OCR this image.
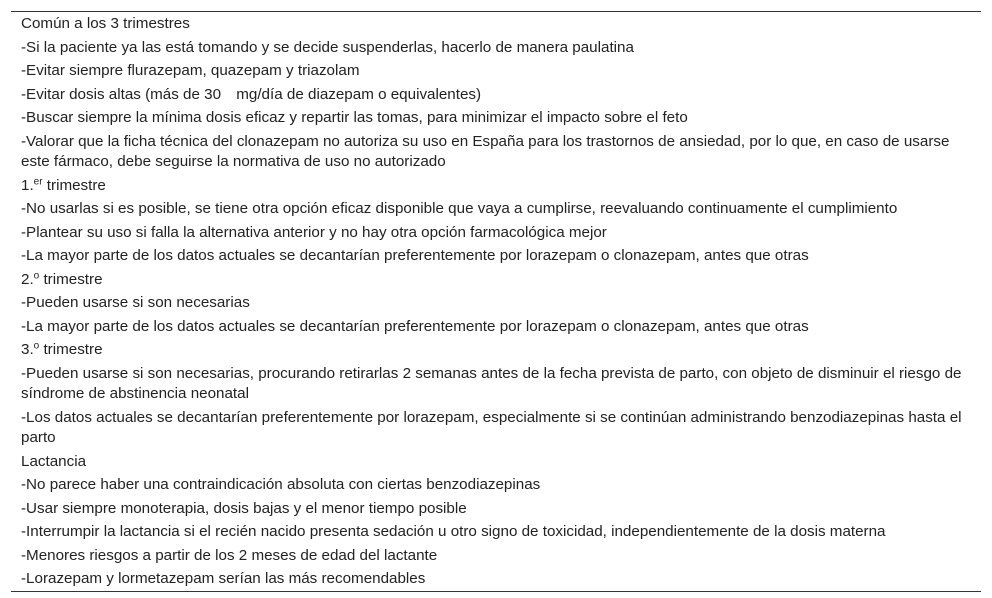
Común a los 3 trimestres
-Si la paciente ya las está tomando y se decide suspenderlas, hacerlo de manera paulatina
-Evitar siempre flurazepam, quazepam y triazolam
-Evitar dosis altas (más de 30 mg/día de diazepam o equivalentes)
-Buscar siempre la mínima dosis eficaz y repartir las tomas, para minimizar el impacto sobre el feto
-Valorar que la ficha técnica del clonazepam no autoriza su uso en España para los trastornos de ansiedad, por lo que, en caso de usarse este fármaco, debe seguirse la normativa de uso no autorizado
1.$^{er}$ trimestre
-No usarlas si es posible, se tiene otra opción eficaz disponible que vaya a cumplirse, reevaluando continuamente el cumplimiento
-Plantear su uso si falla la alternativa anterior y no hay otra opción farmacológica mejor
-La mayor parte de los datos actuales se decantarían preferentemente por lorazepam o clonazepam, antes que otras
2.$^o$ trimestre
-Pueden usarse si son necesarias
-La mayor parte de los datos actuales se decantarían preferentemente por lorazepam o clonazepam, antes que otras
3.$^o$ trimestre
-Pueden usarse si son necesarias, procurando retirarlas 2 semanas antes de la fecha prevista de parto, con objeto de disminuir el riesgo de síndrome de abstinencia neonatal
-Los datos actuales se decantarían preferentemente por lorazepam, especialmente si se continúan administrando benzodiazepinas hasta el parto
Lactancia
-No parece haber una contraindicación absoluta con ciertas benzodiazepinas
-Usar siempre monoterapia, dosis bajas y el menor tiempo posible
-Interrumpir la lactancia si el recién nacido presenta sedación u otro signo de toxicidad, independientemente de la dosis materna
-Menores riesgos a partir de los 2 meses de edad del lactante
-Lorazepam y lormetazepam serían las más recomendables
